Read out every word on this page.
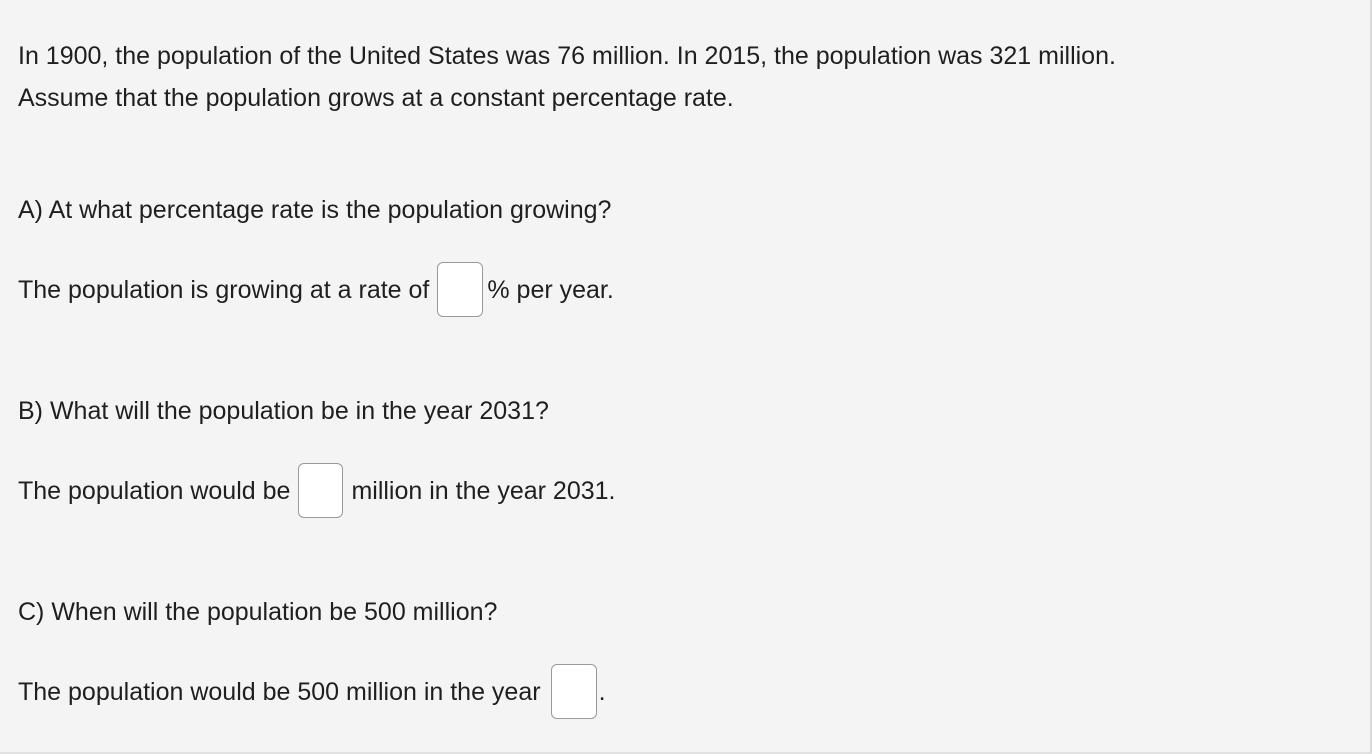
In 1900, the population of the United States was 76 million. In 2015, the population was 321 million.
Assume that the population grows at a constant percentage rate.
A) At what percentage rate is the population growing?
The population is growing at a rate of % per year.
B) What will the population be in the year 2031?
The population would be million in the year 2031.
C) When will the population be 500 million?
The population would be 500 million in the year .
